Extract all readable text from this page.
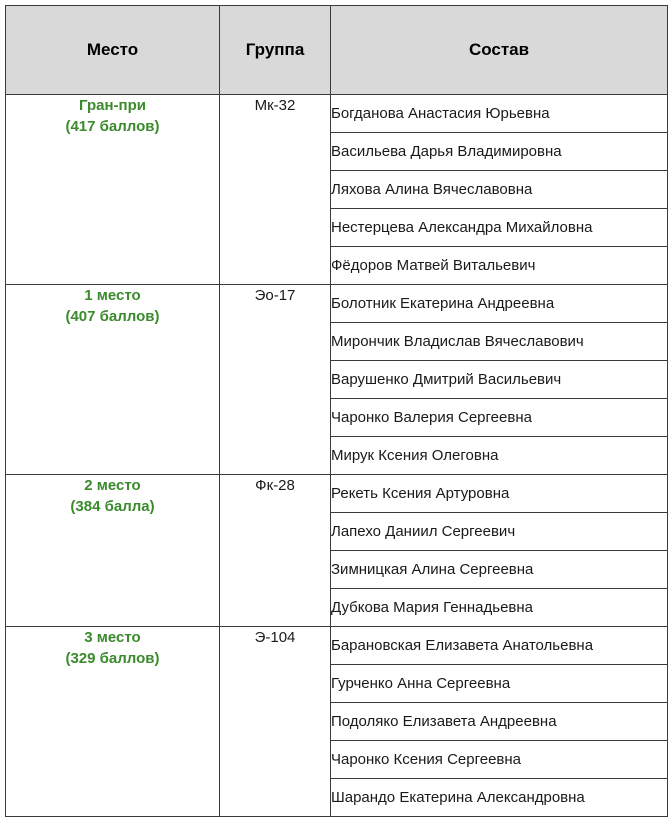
Место	Группа	Состав

Гран-при
(417 баллов)	Мк-32	Богданова Анастасия Юрьевна
		Васильева Дарья Владимировна
		Ляхова Алина Вячеславовна
		Нестерцева Александра Михайловна
		Фёдоров Матвей Витальевич

1 место
(407 баллов)	Эо-17	Болотник Екатерина Андреевна
		Мирончик Владислав Вячеславович
		Варушенко Дмитрий Васильевич
		Чаронко Валерия Сергеевна
		Мирук Ксения Олеговна

2 место
(384 балла)	Фк-28	Рекеть Ксения Артуровна
		Лапехо Даниил Сергеевич
		Зимницкая Алина Сергеевна
		Дубкова Мария Геннадьевна

3 место
(329 баллов)	Э-104	Барановская Елизавета Анатольевна
		Гурченко Анна Сергеевна
		Подоляко Елизавета Андреевна
		Чаронко Ксения Сергеевна
		Шарандо Екатерина Александровна
